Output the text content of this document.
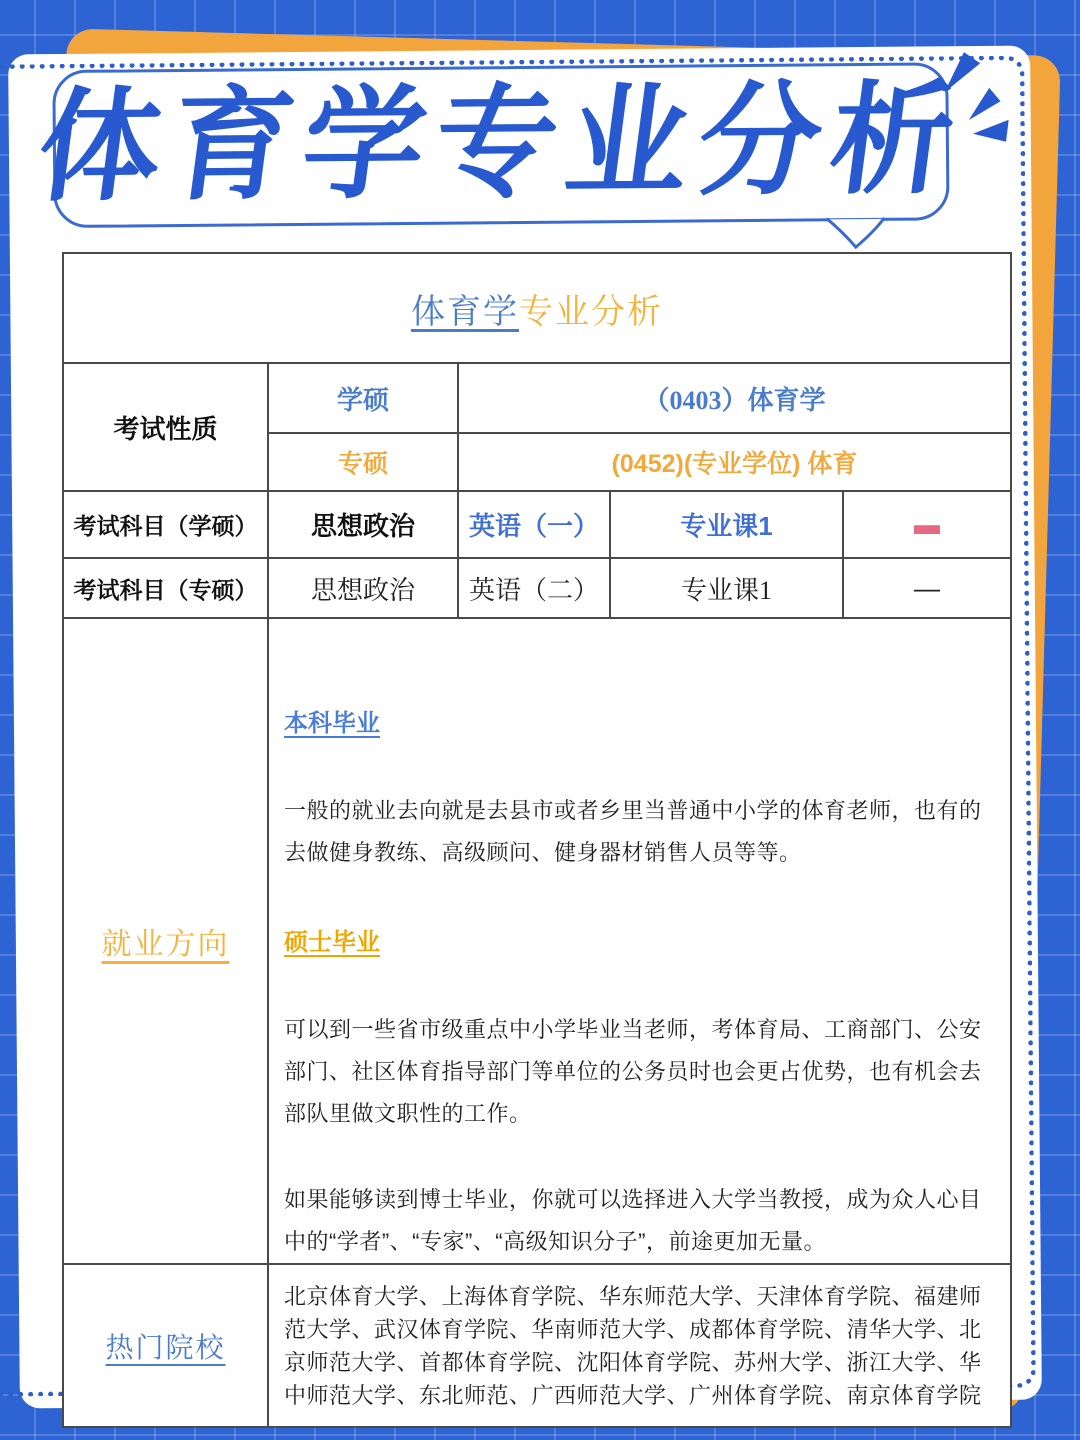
体育学专业分析
体育学专业分析				
考试性质	学硕	（0403）体育学		
	专硕	(0452)(专业学位) 体育		
考试科目（学硕）	思想政治	英语（一）	专业课1	—
考试科目（专硕）	思想政治	英语（二）	专业课1	—
就业方向	本科毕业

一般的就业去向就是去县市或者乡里当普通中小学的体育老师，也有的去做健身教练、高级顾问、健身器材销售人员等等。

硕士毕业

可以到一些省市级重点中小学毕业当老师，考体育局、工商部门、公安部门、社区体育指导部门等单位的公务员时也会更占优势，也有机会去部队里做文职性的工作。

如果能够读到博士毕业，你就可以选择进入大学当教授，成为众人心目中的“学者”、“专家”、“高级知识分子”，前途更加无量。			

热门院校	北京体育大学、上海体育学院、华东师范大学、天津体育学院、福建师范大学、武汉体育学院、华南师范大学、成都体育学院、清华大学、北京师范大学、首都体育学院、沈阳体育学院、苏州大学、浙江大学、华中师范大学、东北师范、广西师范大学、广州体育学院、南京体育学院			
